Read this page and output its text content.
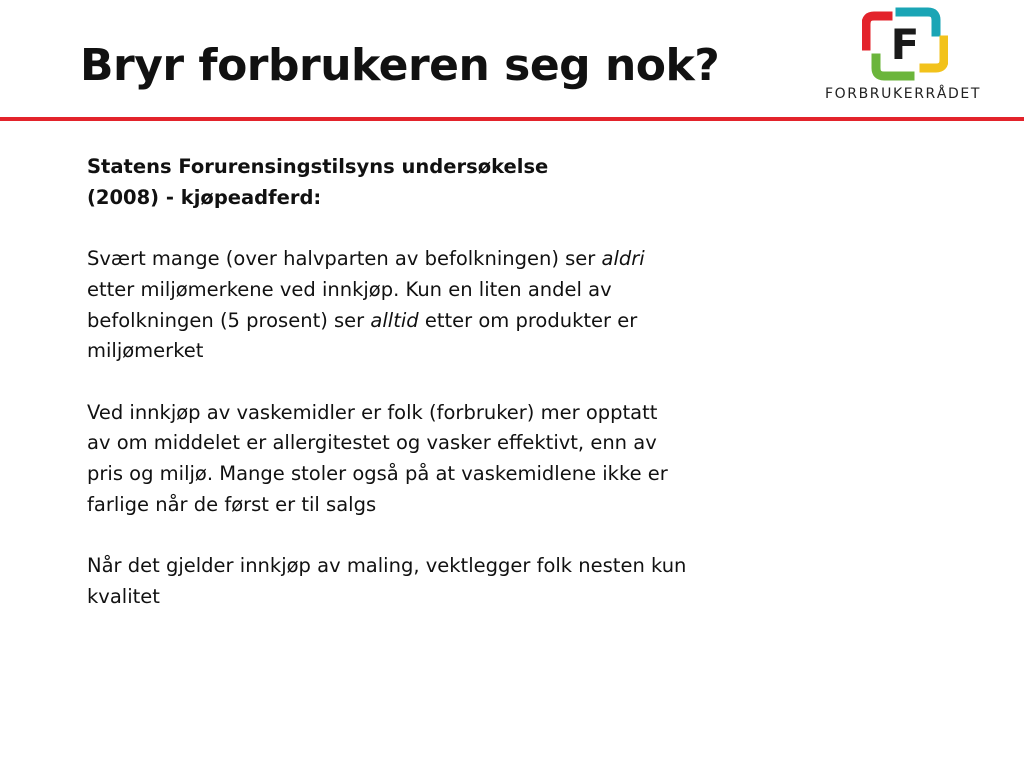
Bryr forbrukeren seg nok?	F
FORBRUKERRÅDET

Statens Forurensingstilsyns undersøkelse
(2008) - kjøpeadferd:

Svært mange (over halvparten av befolkningen) ser aldri etter miljømerkene ved innkjøp. Kun en liten andel av befolkningen (5 prosent) ser alltid etter om produkter er miljømerket

Ved innkjøp av vaskemidler er folk (forbruker) mer opptatt av om middelet er allergitestet og vasker effektivt, enn av pris og miljø. Mange stoler også på at vaskemidlene ikke er farlige når de først er til salgs

Når det gjelder innkjøp av maling, vektlegger folk nesten kun kvalitet
